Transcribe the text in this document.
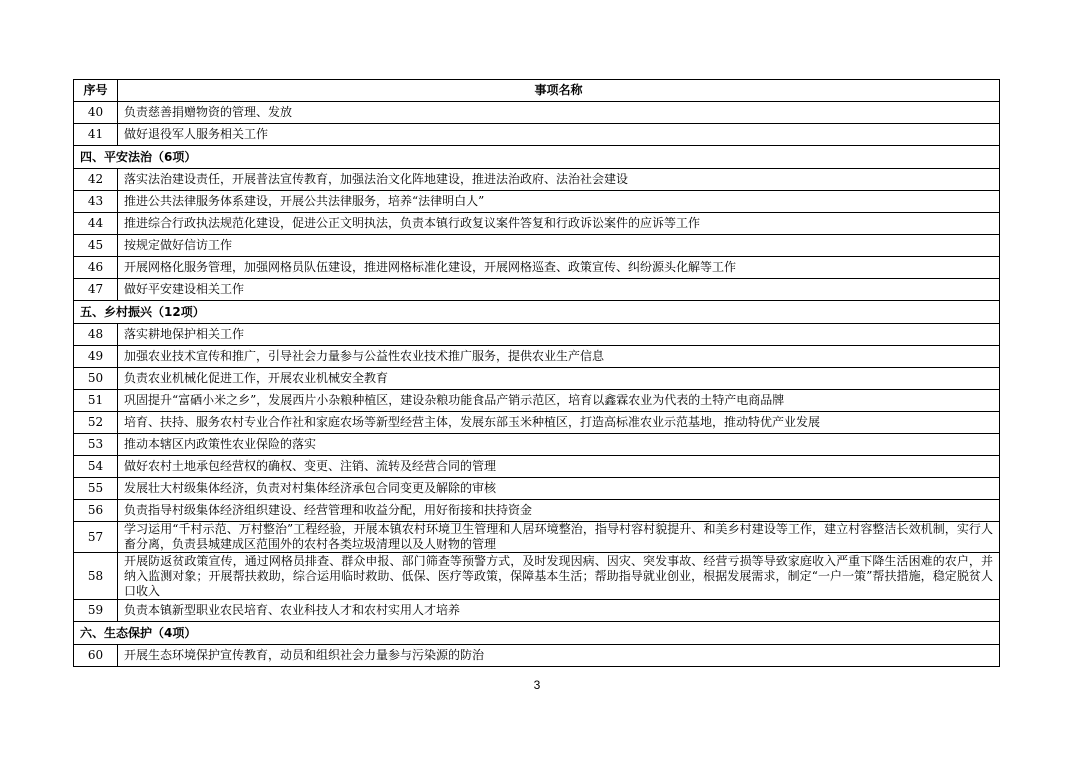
序号	事项名称
40	负责慈善捐赠物资的管理、发放
41	做好退役军人服务相关工作
四、平安法治（6项）	
42	落实法治建设责任，开展普法宣传教育，加强法治文化阵地建设，推进法治政府、法治社会建设
43	推进公共法律服务体系建设，开展公共法律服务，培养“法律明白人”
44	推进综合行政执法规范化建设，促进公正文明执法，负责本镇行政复议案件答复和行政诉讼案件的应诉等工作
45	按规定做好信访工作
46	开展网格化服务管理，加强网格员队伍建设，推进网格标准化建设，开展网格巡查、政策宣传、纠纷源头化解等工作
47	做好平安建设相关工作
五、乡村振兴（12项）	
48	落实耕地保护相关工作
49	加强农业技术宣传和推广，引导社会力量参与公益性农业技术推广服务，提供农业生产信息
50	负责农业机械化促进工作，开展农业机械安全教育
51	巩固提升“富硒小米之乡”，发展西片小杂粮种植区，建设杂粮功能食品产销示范区，培育以鑫霖农业为代表的土特产电商品牌
52	培育、扶持、服务农村专业合作社和家庭农场等新型经营主体，发展东部玉米种植区，打造高标准农业示范基地，推动特优产业发展
53	推动本辖区内政策性农业保险的落实
54	做好农村土地承包经营权的确权、变更、注销、流转及经营合同的管理
55	发展壮大村级集体经济，负责对村集体经济承包合同变更及解除的审核
56	负责指导村级集体经济组织建设、经营管理和收益分配，用好衔接和扶持资金
57	学习运用“千村示范、万村整治”工程经验，开展本镇农村环境卫生管理和人居环境整治，指导村容村貌提升、和美乡村建设等工作，建立村容整洁长效机制，实行人畜分离，负责县城建成区范围外的农村各类垃圾清理以及人财物的管理
58	开展防返贫政策宣传，通过网格员排查、群众申报、部门筛查等预警方式，及时发现因病、因灾、突发事故、经营亏损等导致家庭收入严重下降生活困难的农户，并纳入监测对象；开展帮扶救助，综合运用临时救助、低保、医疗等政策，保障基本生活；帮助指导就业创业，根据发展需求，制定“一户一策”帮扶措施，稳定脱贫人口收入
59	负责本镇新型职业农民培育、农业科技人才和农村实用人才培养
六、生态保护（4项）	
60	开展生态环境保护宣传教育，动员和组织社会力量参与污染源的防治
3
